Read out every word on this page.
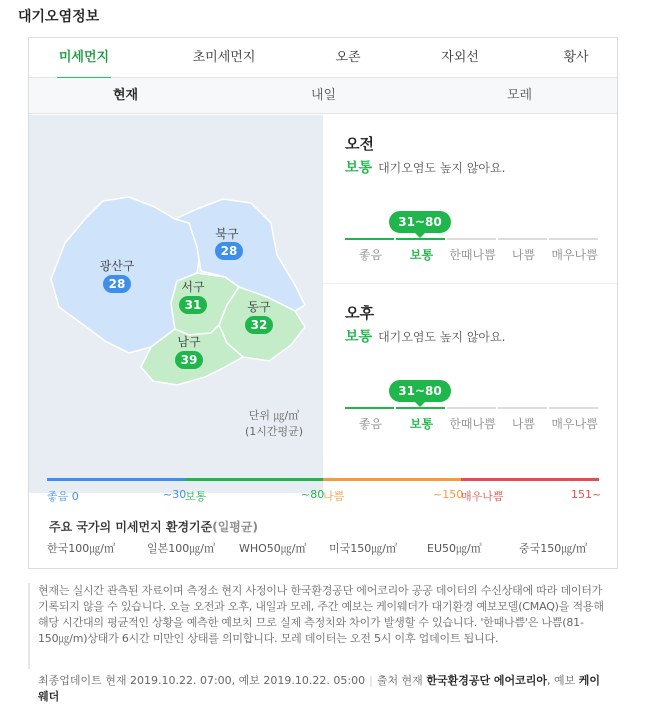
대기오염정보
미세먼지	초미세먼지	오존	자외선	황사
현재	내일	모레
북구
28
광산구
28	서구
31	동구
32
남구
39
단위 ㎍/㎥
(1시간평균)
오전
보통 대기오염도 높지 않아요.
31~80
좋음	보통	한때나쁨	나쁨	매우나쁨
오후
보통 대기오염도 높지 않아요.
31~80
좋음	보통	한때나쁨	나쁨	매우나쁨
좋음 0	~30
보통	~80
나쁨	~150
매우나쁨	151~
주요 국가의 미세먼지 환경기준(일평균)
한국100㎍/㎥	일본100㎍/㎥ WHO50㎍/㎥ 미국150㎍/㎥	EU50㎍/㎥	중국150㎍/㎥
현재는 실시간 관측된 자료이며 측정소 현지 사정이나 한국환경공단 에어코리아 공공 데이터의 수신상태에 따라 데이터가 기록되지 않을 수 있습니다. 오늘 오전과 오후, 내일과 모레, 주간 예보는 케이웨더가 대기환경 예보모델(CMAQ)을 적용해 해당 시간대의 평균적인 상황을 예측한 예보치 므로 실제 측정치와 차이가 발생할 수 있습니다. '한때나쁨'은 나쁨(81-150㎍/m)상태가 6시간 미만인 상태를 의미합니다. 모레 데이터는 오전 5시 이후 업데이트 됩니다.
최종업데이트 현재 2019.10.22. 07:00, 예보 2019.10.22. 05:00 | 출처 현재 한국환경공단 에어코리아, 예보 케이웨더
